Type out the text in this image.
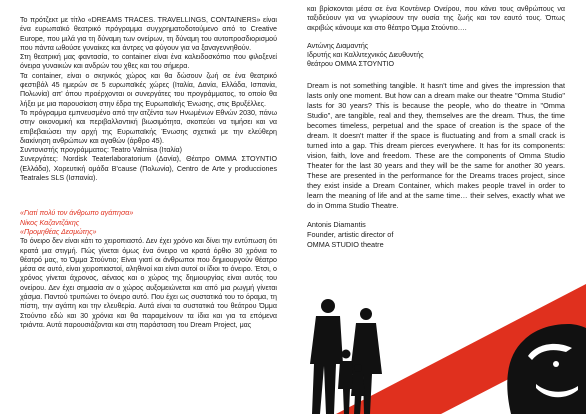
Το πρότζεκτ με τίτλο «DREAMS TRACES. TRAVELLINGS, CONTAINERS» είναι ένα ευρωπαϊκό θεατρικό πρόγραμμα συγχρηματοδοτούμενο από το Creative Europe, που μιλά για τη δύναμη των ονείρων, τη δύναμη του αυτοπροσδιορισμού που πάντα ωθούσε γυναίκες και άντρες να φύγουν για να ξαναγεννηθούν.

Στη θεατρική μας φαντασία, το container είναι ένα καλειδοσκόπιο που φιλοξενεί όνειρα γυναικών και ανδρών του χθες και του σήμερα.

Τα container, είναι ο σκηνικός χώρος και θα δώσουν ζωή σε ένα θεατρικό φεστιβάλ 45 ημερών σε 5 ευρωπαϊκές χώρες (Ιταλία, Δανία, Ελλάδα, Ισπανία, Πολωνία) απ' όπου προέρχονται οι συνεργάτες του προγράμματος, το οποίο θα λήξει με μια παρουσίαση στην έδρα της Ευρωπαϊκής Ένωσης, στις Βρυξέλλες.

Το πρόγραμμα εμπνευσμένο από την ατζέντα των Ηνωμένων Εθνών 2030, πάνω στην οικονομική και περιβαλλοντική βιωσιμότητα, σκοπεύει να τιμήσει και να επιβεβαιώσει την αρχή της Ευρωπαϊκής Ένωσης σχετικά με την ελεύθερη διακίνηση ανθρώπων και αγαθών (άρθρο 45).

Συντονιστής προγράμματος: Teatro Valmisa (Ιταλία)

Συνεργάτες: Nordisk Teaterlaboratorium (Δανία), Θέατρο ΟΜΜΑ ΣΤΟΥΝΤΙΟ (Ελλάδα), Χορευτική ομάδα B'cause (Πολωνία), Centro de Arte y producciones Teatrales SLS (Ισπανία).

«Γιατί πολύ τον άνθρωπο αγάπησα»

Νίκος Καζαντζάκης

«Προμηθέας Δεσμώτης»

Το όνειρο δεν είναι κάτι το χειροπιαστό. Δεν έχει χρόνο και δίνει την εντύπωση ότι κρατά μια στιγμή. Πώς γίνεται όμως ένα όνειρο να κρατά όρθιο 30 χρόνια το θέατρό μας, το Όμμα Στούντιο; Είναι γιατί οι άνθρωποι που δημιουργούν θέατρο μέσα σε αυτό, είναι χειροπιαστοί, αληθινοί και είναι αυτοί οι ίδιοι το όνειρο. Έτσι, ο χρόνος γίνεται άχρονος, αέναος και ο χώρος της δημιουργίας είναι αυτός του ονείρου. Δεν έχει σημασία αν ο χώρος αυξομειώνεται και από μια ρωγμή γίνεται χάσμα. Παντού τρυπώνει το όνειρο αυτό. Που έχει ως συστατικά του το όραμα, τη πίστη, την αγάπη και την ελευθερία. Αυτά είναι τα συστατικά του θεάτρου Όμμα Στούντιο εδώ και 30 χρόνια και θα παραμείνουν τα ίδια και για τα επόμενα τριάντα. Αυτά παρουσιάζονται και στη παράσταση του Dream Project, μας

και βρίσκονται μέσα σε ένα Κοντέινερ Ονείρου, που κάνει τους ανθρώπους να ταξιδεύουν για να γνωρίσουν την ουσία της ζωής και τον εαυτό τους. Όπως ακριβώς κάνουμε και στο θέατρο Όμμα Στούντιο….

Αντώνης Διαμαντής

Ιδρυτής και Καλλιτεχνικός Διευθυντής

θεάτρου ΟΜΜΑ ΣΤΟΥΝΤΙΟ

Dream is not something tangible. It hasn't time and gives the impression that lasts only one moment. But how can a dream make our theatre "Omma Studio" lasts for 30 years? This is because the people, who do theatre in "Omma Studio", are tangible, real and they, themselves are the dream. Thus, the time becomes timeless, perpetual and the space of creation is the space of the dream. It doesn't matter if the space is fluctuating and from a small crack is turned into a gap. This dream pierces everywhere. It has for its components: vision, faith, love and freedom. These are the components of Omma Studio Theater for the last 30 years and they will be the same for another 30 years. These are presented in the performance for the Dreams traces project, since they exist inside a Dream Container, which makes people travel in order to learn the meaning of life and at the same time… their selves, exactly what we do in Omma Studio Theatre.

Antonis Diamantis

Founder, artistic director of

OMMA STUDIO theatre
